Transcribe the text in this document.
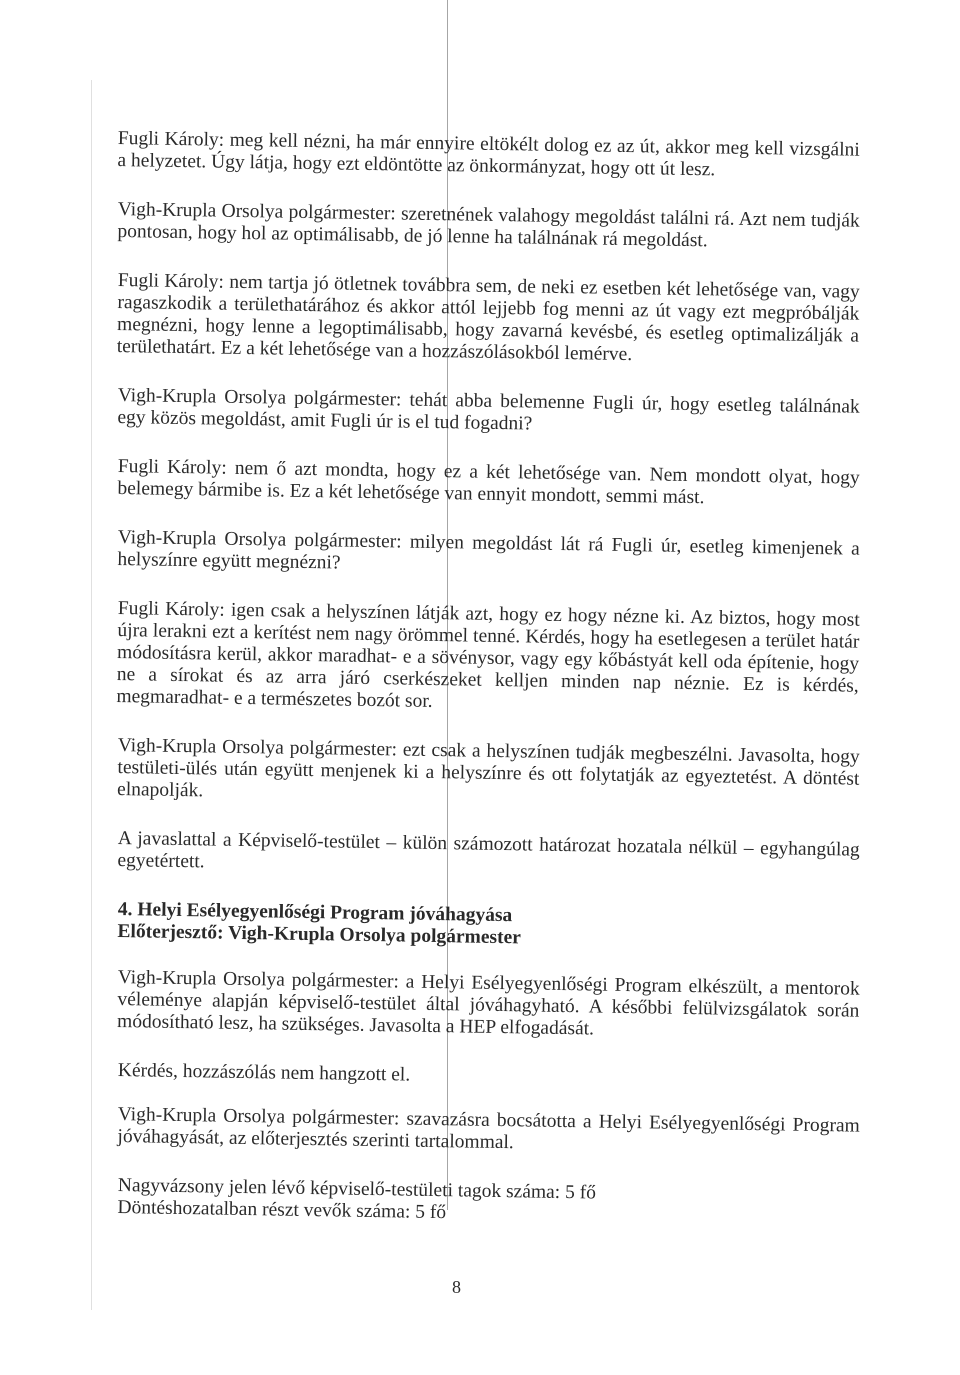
Fugli Károly: meg kell nézni, ha már ennyire eltökélt dolog ez az út, akkor meg kell vizsgálni a helyzetet. Úgy látja, hogy ezt eldöntötte az önkormányzat, hogy ott út lesz.

Vigh-Krupla Orsolya polgármester: szeretnének valahogy megoldást találni rá. Azt nem tudják pontosan, hogy hol az optimálisabb, de jó lenne ha találnának rá megoldást.

Fugli Károly: nem tartja jó ötletnek továbbra sem, de neki ez esetben két lehetősége van, vagy ragaszkodik a területhatárához és akkor attól lejjebb fog menni az út vagy ezt megpróbálják megnézni, hogy lenne a legoptimálisabb, hogy zavarná kevésbé, és esetleg optimalizálják a területhatárt. Ez a két lehetősége van a hozzászólásokból lemérve.

Vigh-Krupla Orsolya polgármester: tehát abba belemenne Fugli úr, hogy esetleg találnának egy közös megoldást, amit Fugli úr is el tud fogadni?

Fugli Károly: nem ő azt mondta, hogy ez a két lehetősége van. Nem mondott olyat, hogy belemegy bármibe is. Ez a két lehetősége van ennyit mondott, semmi mást.

Vigh-Krupla Orsolya polgármester: milyen megoldást lát rá Fugli úr, esetleg kimenjenek a helyszínre együtt megnézni?

Fugli Károly: igen csak a helyszínen látják azt, hogy ez hogy nézne ki. Az biztos, hogy most újra lerakni ezt a kerítést nem nagy örömmel tenné. Kérdés, hogy ha esetlegesen a terület határ módosításra kerül, akkor maradhat- e a sövénysor, vagy egy kőbástyát kell oda építenie, hogy ne a sírokat és az arra járó cserkészeket kelljen minden nap néznie. Ez is kérdés, megmaradhat- e a természetes bozót sor.

Vigh-Krupla Orsolya polgármester: ezt csak a helyszínen tudják megbeszélni. Javasolta, hogy testületi-ülés után együtt menjenek ki a helyszínre és ott folytatják az egyeztetést. A döntést elnapolják.

A javaslattal a Képviselő-testület – külön számozott határozat hozatala nélkül – egyhangúlag egyetértett.

4. Helyi Esélyegyenlőségi Program jóváhagyása
Előterjesztő: Vigh-Krupla Orsolya polgármester

Vigh-Krupla Orsolya polgármester: a Helyi Esélyegyenlőségi Program elkészült, a mentorok véleménye alapján képviselő-testület által jóváhagyható. A későbbi felülvizsgálatok során módosítható lesz, ha szükséges. Javasolta a HEP elfogadását.

Kérdés, hozzászólás nem hangzott el.

Vigh-Krupla Orsolya polgármester: szavazásra bocsátotta a Helyi Esélyegyenlőségi Program jóváhagyását, az előterjesztés szerinti tartalommal.

Nagyvázsony jelen lévő képviselő-testületi tagok száma: 5 fő
Döntéshozatalban részt vevők száma: 5 fő
8
